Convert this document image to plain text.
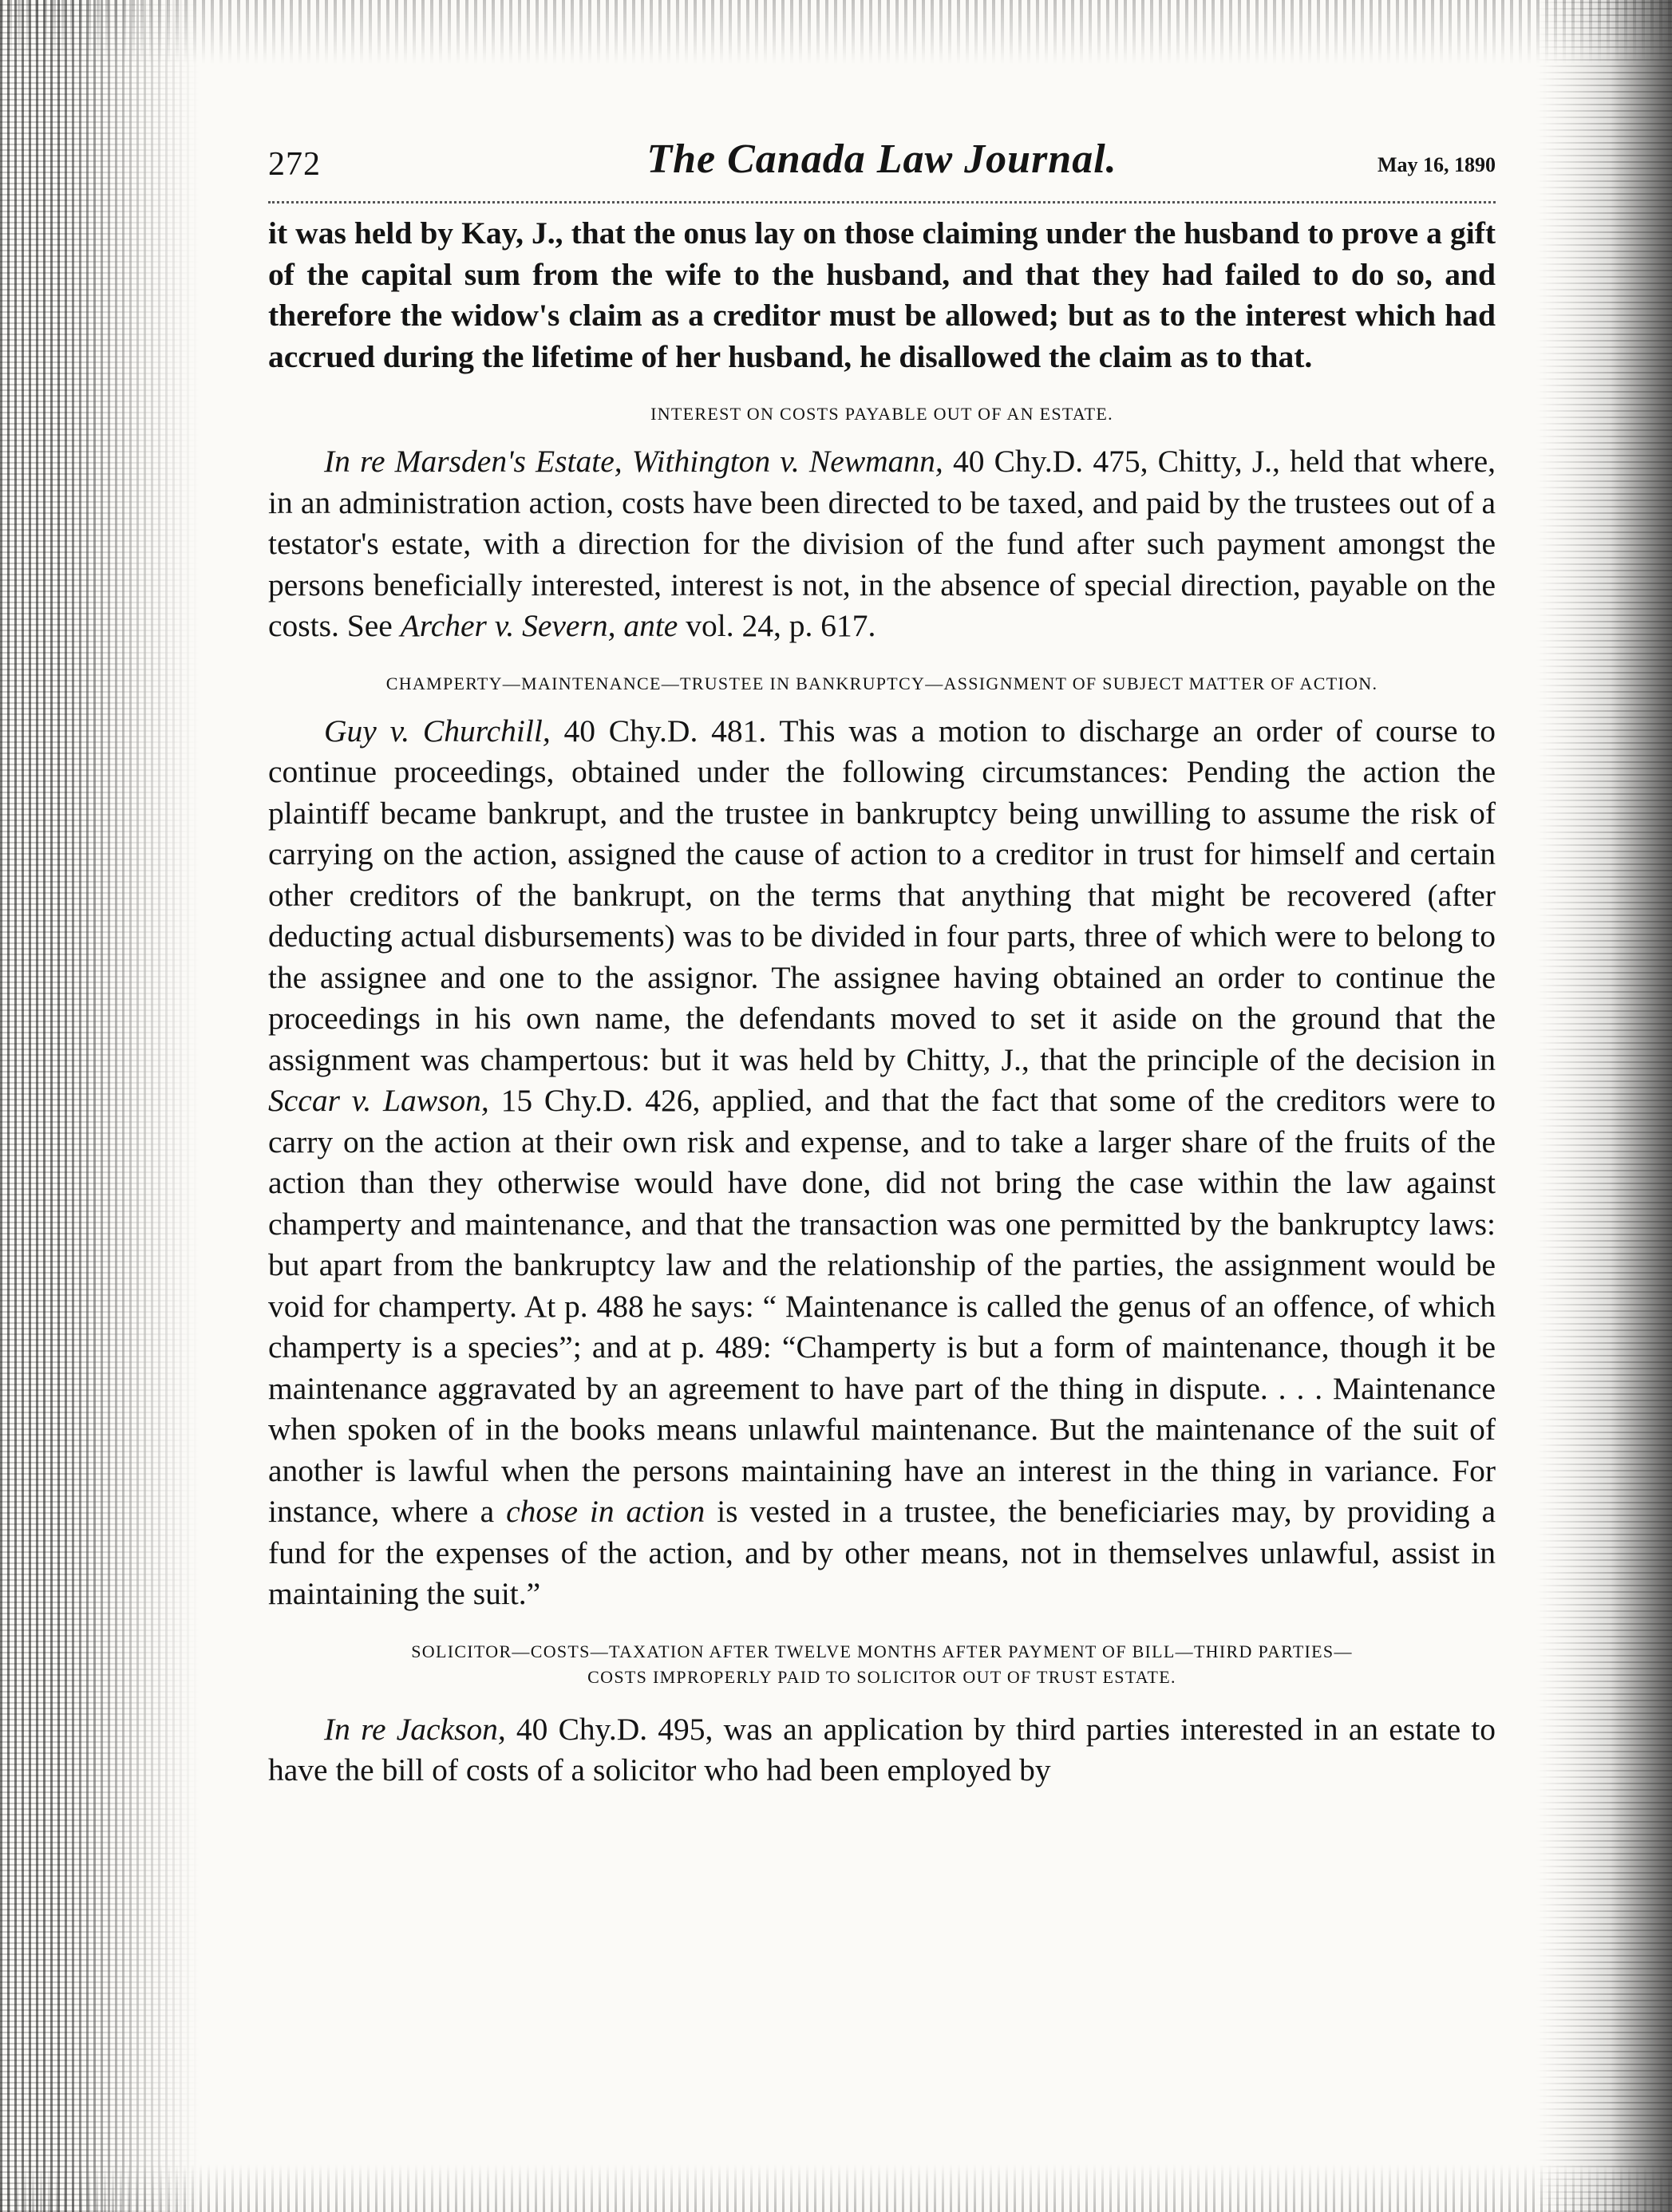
272	The Canada Law Journal.	May 16, 1890

it was held by Kay, J., that the onus lay on those claiming under the husband to prove a gift of the capital sum from the wife to the husband, and that they had failed to do so, and therefore the widow's claim as a creditor must be allowed; but as to the interest which had accrued during the lifetime of her husband, he disallowed the claim as to that.

INTEREST ON COSTS PAYABLE OUT OF AN ESTATE.

In re Marsden's Estate, Withington v. Newmann, 40 Chy.D. 475, Chitty, J., held that where, in an administration action, costs have been directed to be taxed, and paid by the trustees out of a testator's estate, with a direction for the division of the fund after such payment amongst the persons beneficially interested, interest is not, in the absence of special direction, payable on the costs. See Archer v. Severn, ante vol. 24, p. 617.

CHAMPERTY—MAINTENANCE—TRUSTEE IN BANKRUPTCY—ASSIGNMENT OF SUBJECT MATTER OF ACTION.

Guy v. Churchill, 40 Chy.D. 481. This was a motion to discharge an order of course to continue proceedings, obtained under the following circumstances: Pending the action the plaintiff became bankrupt, and the trustee in bankruptcy being unwilling to assume the risk of carrying on the action, assigned the cause of action to a creditor in trust for himself and certain other creditors of the bankrupt, on the terms that anything that might be recovered (after deducting actual disbursements) was to be divided in four parts, three of which were to belong to the assignee and one to the assignor. The assignee having obtained an order to continue the proceedings in his own name, the defendants moved to set it aside on the ground that the assignment was champertous: but it was held by Chitty, J., that the principle of the decision in Sccar v. Lawson, 15 Chy.D. 426, applied, and that the fact that some of the creditors were to carry on the action at their own risk and expense, and to take a larger share of the fruits of the action than they otherwise would have done, did not bring the case within the law against champerty and maintenance, and that the transaction was one permitted by the bankruptcy laws: but apart from the bankruptcy law and the relationship of the parties, the assignment would be void for champerty. At p. 488 he says: “ Maintenance is called the genus of an offence, of which champerty is a species”; and at p. 489: “Champerty is but a form of maintenance, though it be maintenance aggravated by an agreement to have part of the thing in dispute. . . . Maintenance when spoken of in the books means unlawful maintenance. But the maintenance of the suit of another is lawful when the persons maintaining have an interest in the thing in variance. For instance, where a chose in action is vested in a trustee, the beneficiaries may, by providing a fund for the expenses of the action, and by other means, not in themselves unlawful, assist in maintaining the suit.”

SOLICITOR—COSTS—TAXATION AFTER TWELVE MONTHS AFTER PAYMENT OF BILL—THIRD PARTIES—
COSTS IMPROPERLY PAID TO SOLICITOR OUT OF TRUST ESTATE.

In re Jackson, 40 Chy.D. 495, was an application by third parties interested in an estate to have the bill of costs of a solicitor who had been employed by
